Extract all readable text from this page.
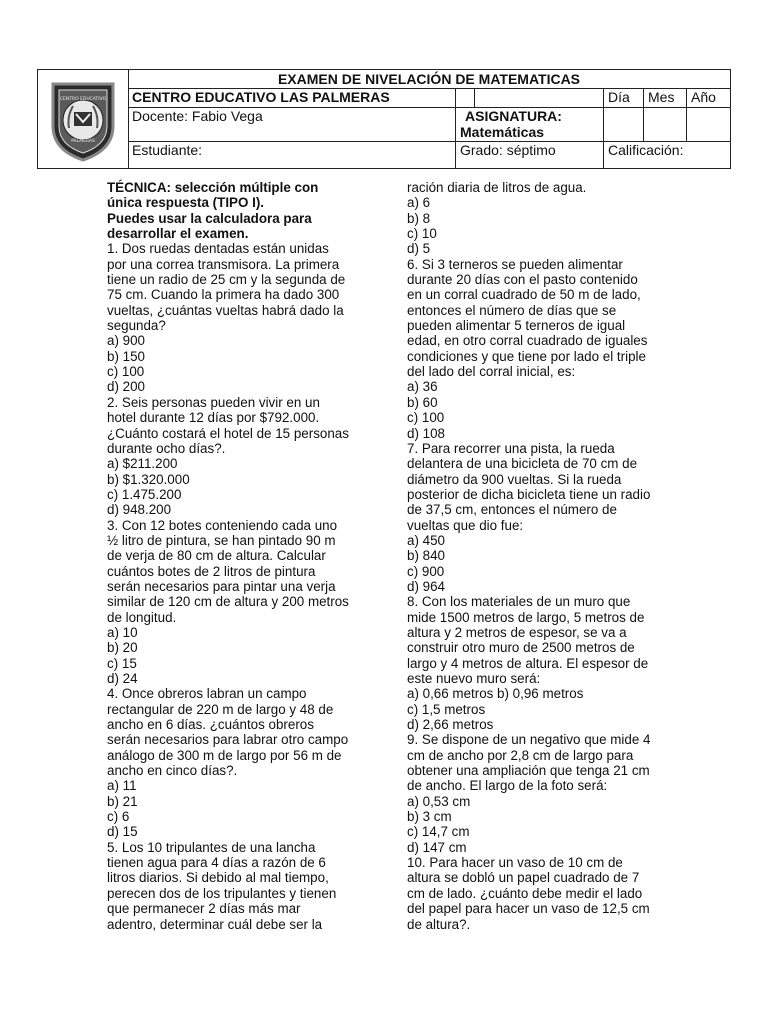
CENTRO EDUCATIVO
PALMERAS
EXAMEN DE NIVELACIÓN DE MATEMATICAS
CENTRO EDUCATIVO LAS PALMERAS	Día	Mes	Año
Docente: Fabio Vega	ASIGNATURA:
Matemáticas
Estudiante:	Grado: séptimo	Calificación:
TÉCNICA: selección múltiple con
única respuesta (TIPO I).
Puedes usar la calculadora para
desarrollar el examen.
1. Dos ruedas dentadas están unidas
por una correa transmisora. La primera
tiene un radio de 25 cm y la segunda de
75 cm. Cuando la primera ha dado 300
vueltas, ¿cuántas vueltas habrá dado la
segunda?
a) 900
b) 150
c) 100
d) 200
2. Seis personas pueden vivir en un
hotel durante 12 días por $792.000.
¿Cuánto costará el hotel de 15 personas
durante ocho días?.
a) $211.200
b) $1.320.000
c) 1.475.200
d) 948.200
3. Con 12 botes conteniendo cada uno
½ litro de pintura, se han pintado 90 m
de verja de 80 cm de altura. Calcular
cuántos botes de 2 litros de pintura
serán necesarios para pintar una verja
similar de 120 cm de altura y 200 metros
de longitud.
a) 10
b) 20
c) 15
d) 24
4. Once obreros labran un campo
rectangular de 220 m de largo y 48 de
ancho en 6 días. ¿cuántos obreros
serán necesarios para labrar otro campo
análogo de 300 m de largo por 56 m de
ancho en cinco días?.
a) 11
b) 21
c) 6
d) 15
5. Los 10 tripulantes de una lancha
tienen agua para 4 días a razón de 6
litros diarios. Si debido al mal tiempo,
perecen dos de los tripulantes y tienen
que permanecer 2 días más mar
adentro, determinar cuál debe ser la
ración diaria de litros de agua.
a) 6
b) 8
c) 10
d) 5
6. Si 3 terneros se pueden alimentar
durante 20 días con el pasto contenido
en un corral cuadrado de 50 m de lado,
entonces el número de días que se
pueden alimentar 5 terneros de igual
edad, en otro corral cuadrado de iguales
condiciones y que tiene por lado el triple
del lado del corral inicial, es:
a) 36
b) 60
c) 100
d) 108
7. Para recorrer una pista, la rueda
delantera de una bicicleta de 70 cm de
diámetro da 900 vueltas. Si la rueda
posterior de dicha bicicleta tiene un radio
de 37,5 cm, entonces el número de
vueltas que dio fue:
a) 450
b) 840
c) 900
d) 964
8. Con los materiales de un muro que
mide 1500 metros de largo, 5 metros de
altura y 2 metros de espesor, se va a
construir otro muro de 2500 metros de
largo y 4 metros de altura. El espesor de
este nuevo muro será:
a) 0,66 metros b) 0,96 metros
c) 1,5 metros
d) 2,66 metros
9. Se dispone de un negativo que mide 4
cm de ancho por 2,8 cm de largo para
obtener una ampliación que tenga 21 cm
de ancho. El largo de la foto será:
a) 0,53 cm
b) 3 cm
c) 14,7 cm
d) 147 cm
10. Para hacer un vaso de 10 cm de
altura se dobló un papel cuadrado de 7
cm de lado. ¿cuánto debe medir el lado
del papel para hacer un vaso de 12,5 cm
de altura?.
